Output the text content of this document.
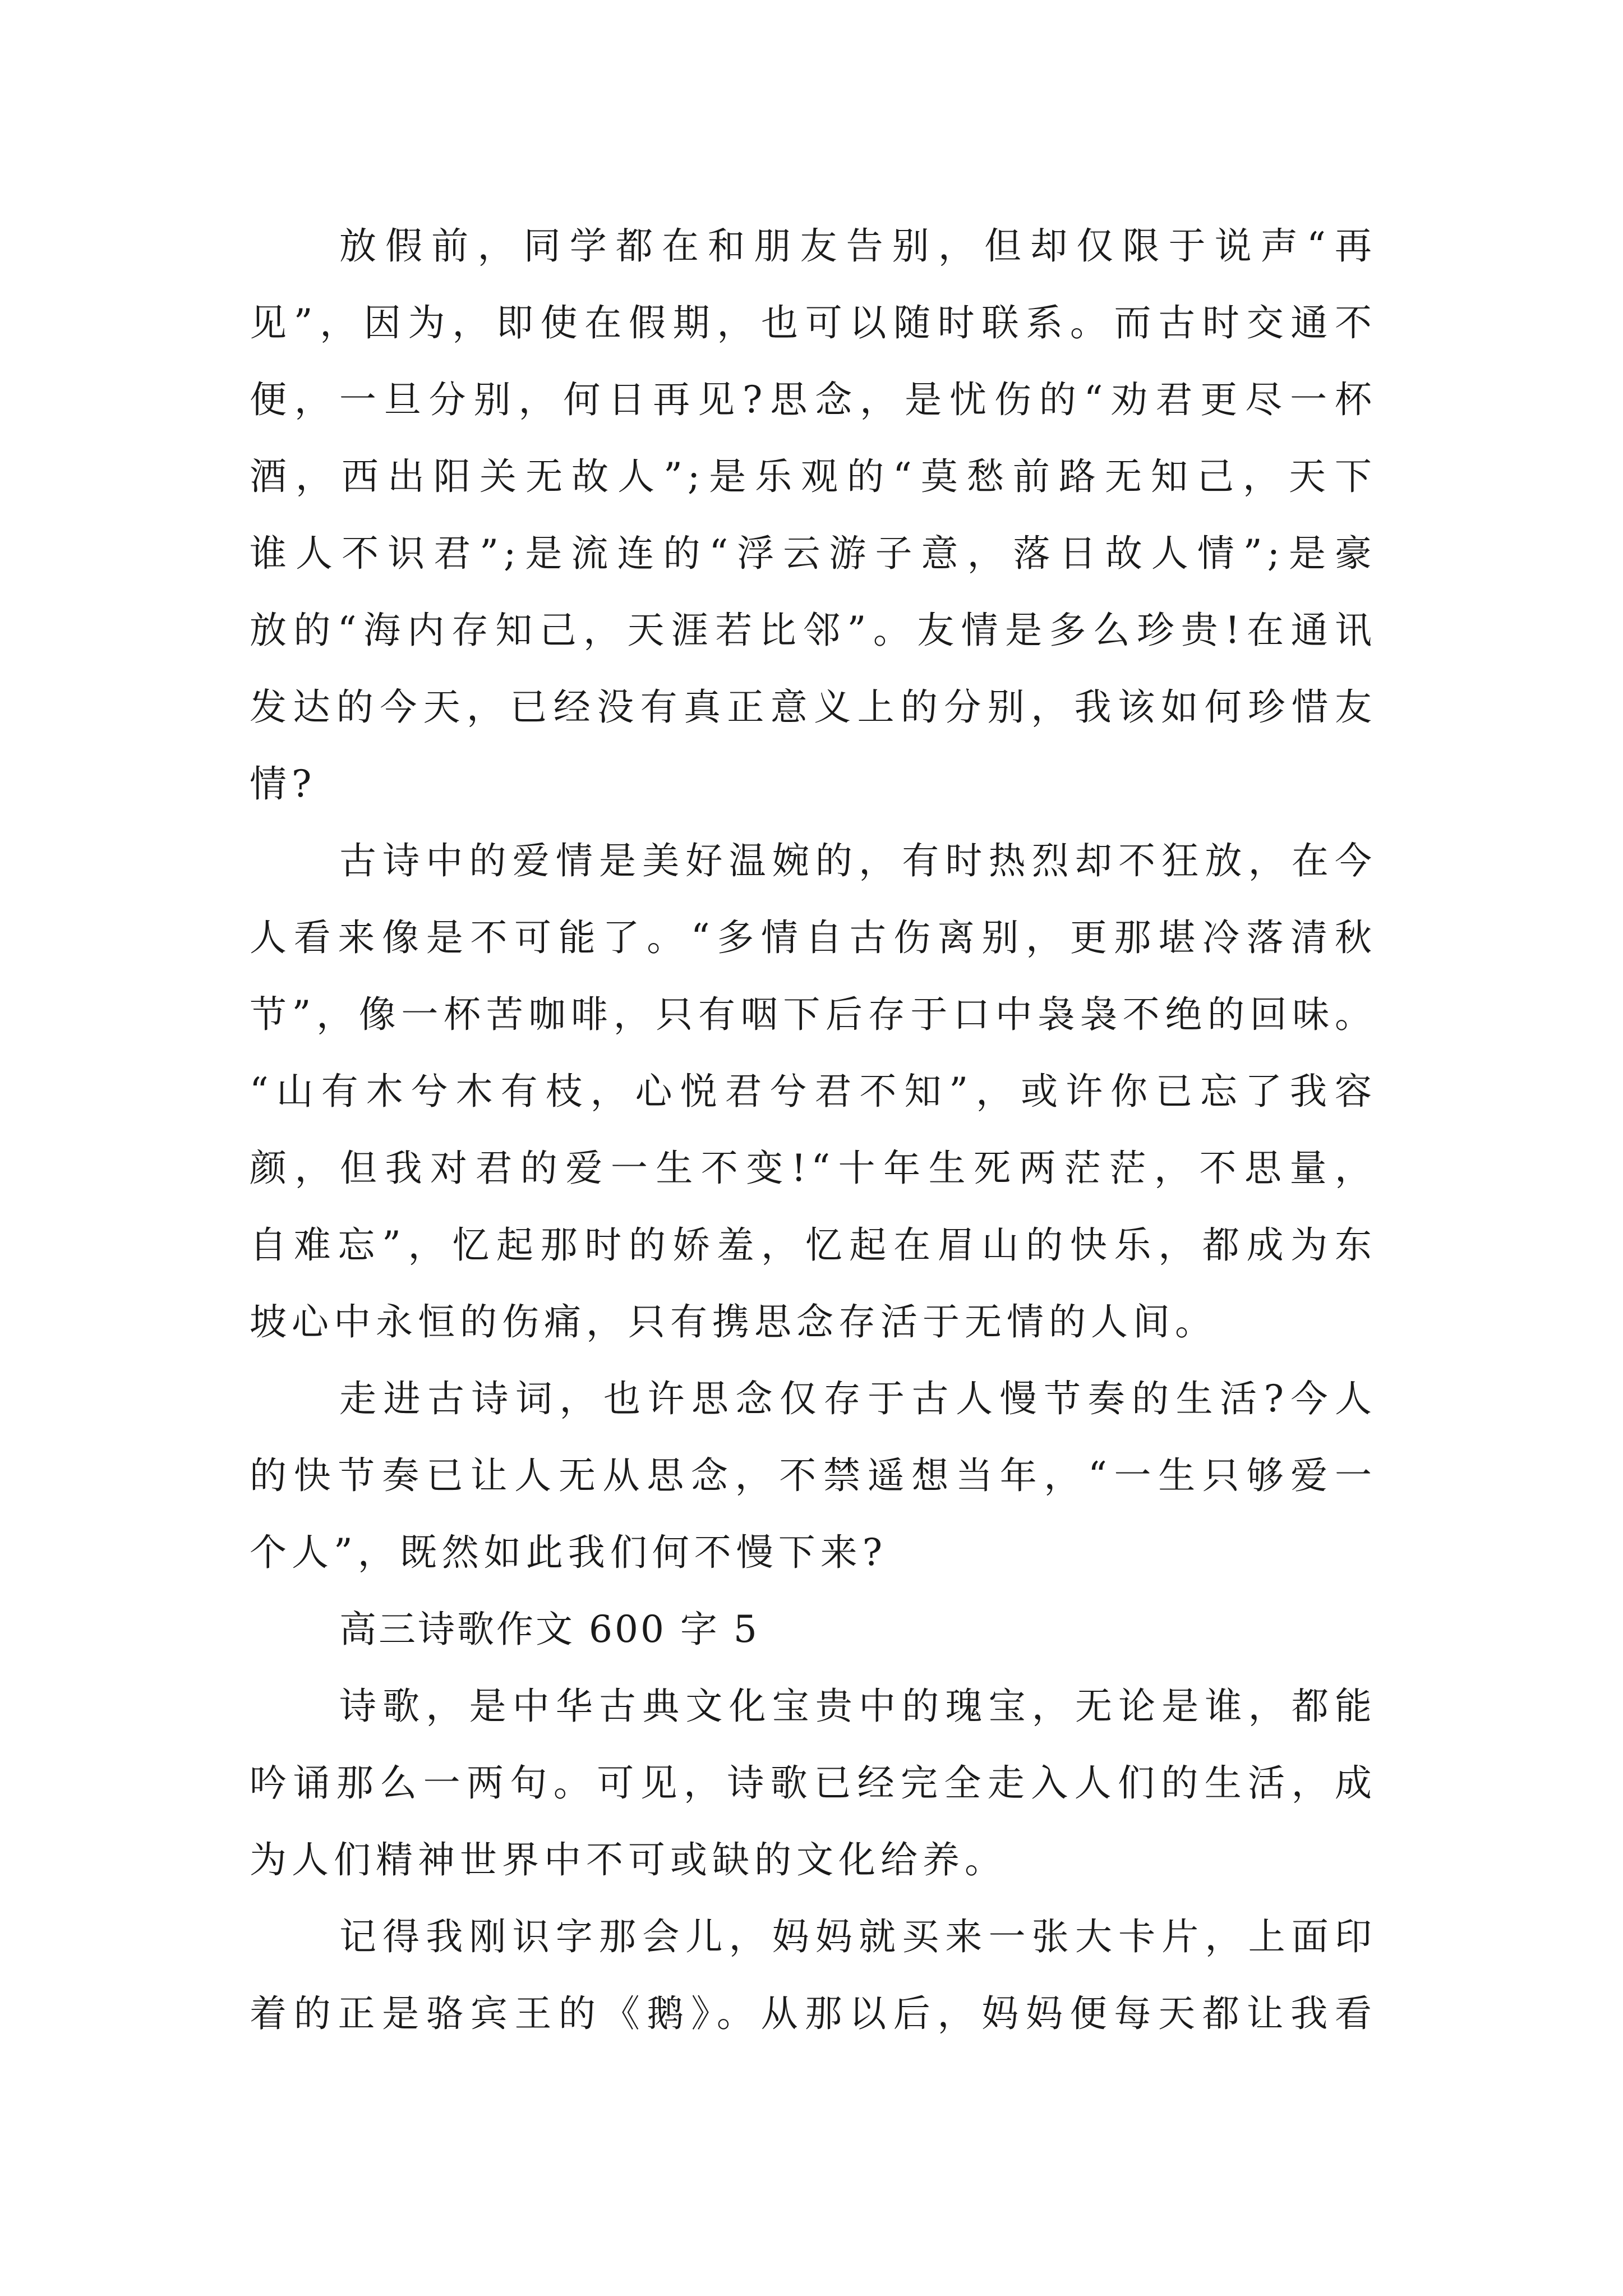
放假前，同学都在和朋友告别，但却仅限于说声“再
见”，因为，即使在假期，也可以随时联系。而古时交通不
便，一旦分别，何日再见?思念，是忧伤的“劝君更尽一杯
酒，西出阳关无故人”;是乐观的“莫愁前路无知己，天下
谁人不识君”;是流连的“浮云游子意，落日故人情”;是豪
放的“海内存知己，天涯若比邻”。友情是多么珍贵!在通讯
发达的今天，已经没有真正意义上的分别，我该如何珍惜友
情?
古诗中的爱情是美好温婉的，有时热烈却不狂放，在今
人看来像是不可能了。“多情自古伤离别，更那堪冷落清秋
节”，像一杯苦咖啡，只有咽下后存于口中袅袅不绝的回味。
“山有木兮木有枝，心悦君兮君不知”，或许你已忘了我容
颜，但我对君的爱一生不变!“十年生死两茫茫，不思量，
自难忘”，忆起那时的娇羞，忆起在眉山的快乐，都成为东
坡心中永恒的伤痛，只有携思念存活于无情的人间。
走进古诗词，也许思念仅存于古人慢节奏的生活?今人
的快节奏已让人无从思念，不禁遥想当年，“一生只够爱一
个人”，既然如此我们何不慢下来?
高三诗歌作文 600 字 5
诗歌，是中华古典文化宝贵中的瑰宝，无论是谁，都能
吟诵那么一两句。可见，诗歌已经完全走入人们的生活，成
为人们精神世界中不可或缺的文化给养。
记得我刚识字那会儿，妈妈就买来一张大卡片，上面印
着的正是骆宾王的《鹅》。从那以后，妈妈便每天都让我看
